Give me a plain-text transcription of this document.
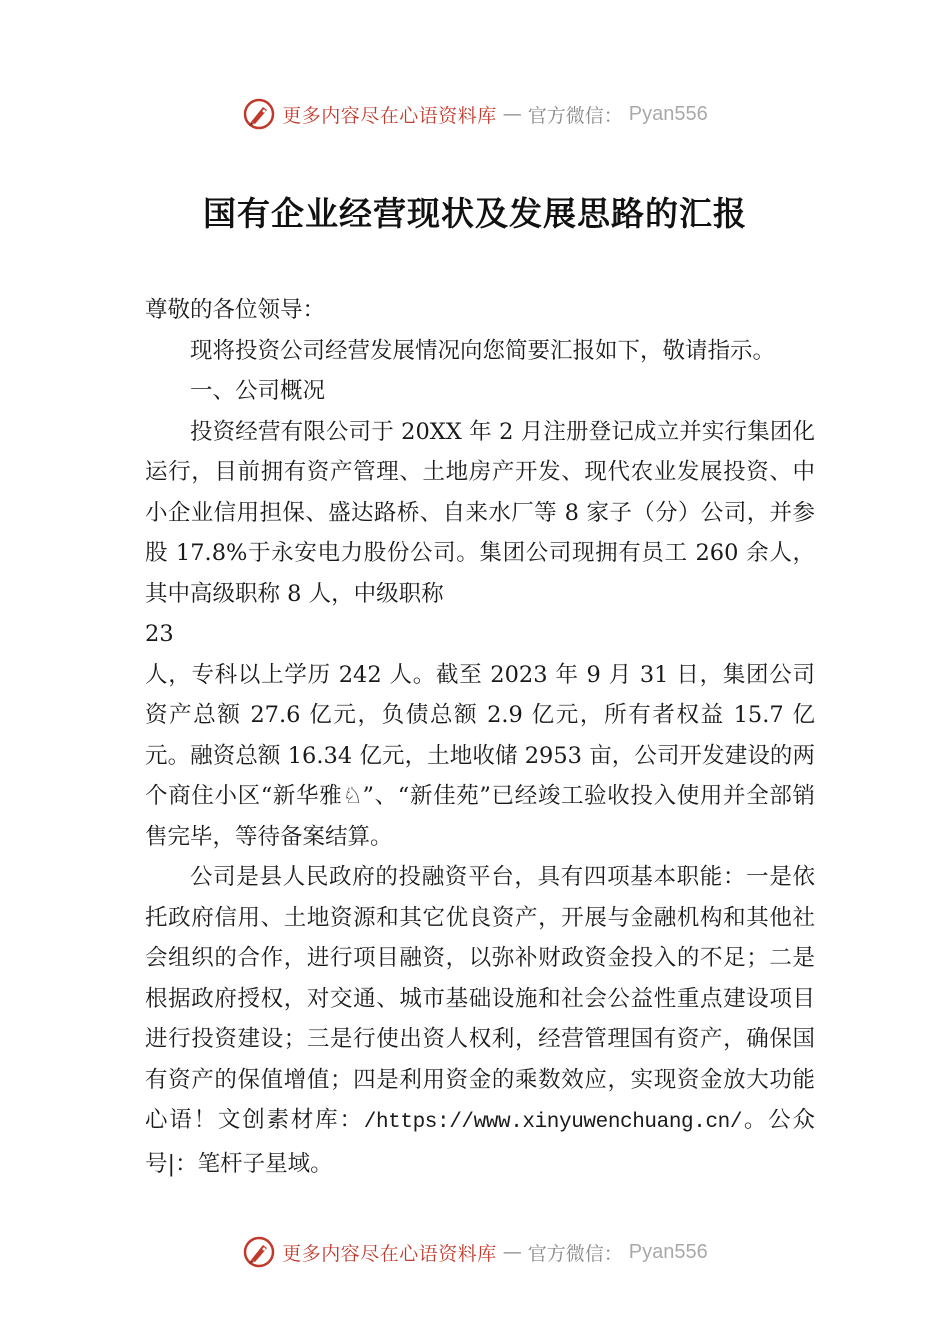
更多内容尽在心语资料库 — 官方微信： Pyan556
国有企业经营现状及发展思路的汇报

尊敬的各位领导：

现将投资公司经营发展情况向您简要汇报如下，敬请指示。

一、公司概况

投资经营有限公司于 20XX 年 2 月注册登记成立并实行集团化运行，目前拥有资产管理、土地房产开发、现代农业发展投资、中小企业信用担保、盛达路桥、自来水厂等 8 家子（分）公司，并参股 17.8%于永安电力股份公司。集团公司现拥有员工 260 余人，其中高级职称 8 人，中级职称

23

人，专科以上学历 242 人。截至 2023 年 9 月 31 日，集团公司资产总额 27.6 亿元，负债总额 2.9 亿元，所有者权益 15.7 亿元。融资总额 16.34 亿元，土地收储 2953 亩，公司开发建设的两个商住小区“新华雅♘”、“新佳苑”已经竣工验收投入使用并全部销售完毕，等待备案结算。

公司是县人民政府的投融资平台，具有四项基本职能：一是依托政府信用、土地资源和其它优良资产，开展与金融机构和其他社会组织的合作，进行项目融资，以弥补财政资金投入的不足；二是根据政府授权，对交通、城市基础设施和社会公益性重点建设项目进行投资建设；三是行使出资人权利，经营管理国有资产，确保国有资产的保值增值；四是利用资金的乘数效应，实现资金放大功能心语！文创素材库：/https://www.xinyuwenchuang.cn/。公众号|：笔杆子星域。

更多内容尽在心语资料库 — 官方微信： Pyan556
